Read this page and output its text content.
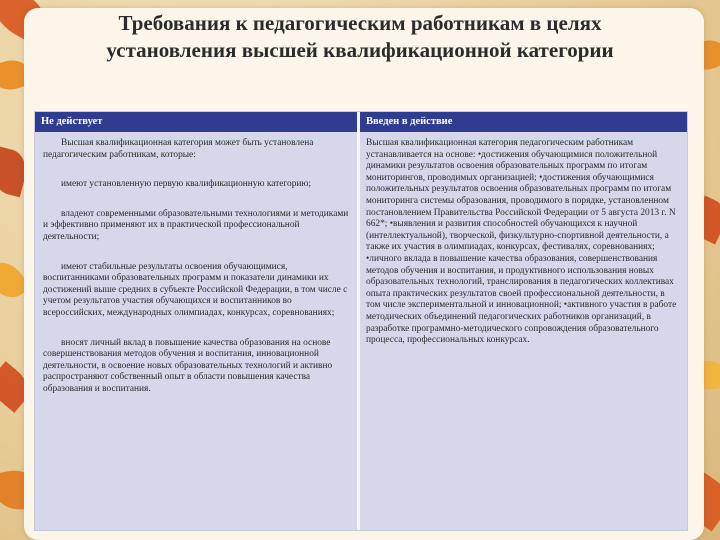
Требования к педагогическим работникам в целях
установления высшей квалификационной категории
Не действует	Введен в действие

Высшая квалификационная категория может быть установлена педагогическим работникам, которые:

имеют установленную первую квалификационную категорию;

владеют современными образовательными технологиями и методиками и эффективно применяют их в практической профессиональной деятельности;

имеют стабильные результаты освоения обучающимися, воспитанниками образовательных программ и показатели динамики их достижений выше средних в субъекте Российской Федерации, в том числе с учетом результатов участия обучающихся и воспитанников во всероссийских, международных олимпиадах, конкурсах, соревнованиях;

вносят личный вклад в повышение качества образования на основе совершенствования методов обучения и воспитания, инновационной деятельности, в освоение новых образовательных технологий и активно распространяют собственный опыт в области повышения качества образования и воспитания.

Высшая квалификационная категория педагогическим работникам устанавливается на основе: •достижения обучающимися положительной динамики результатов освоения образовательных программ по итогам мониторингов, проводимых организацией; •достижения обучающимися положительных результатов освоения образовательных программ по итогам мониторинга системы образования, проводимого в порядке, установленном постановлением Правительства Российской Федерации от 5 августа 2013 г. N 662*; •выявления и развития способностей обучающихся к научной (интеллектуальной), творческой, физкультурно-спортивной деятельности, а также их участия в олимпиадах, конкурсах, фестивалях, соревнованиях; •личного вклада в повышение качества образования, совершенствования методов обучения и воспитания, и продуктивного использования новых образовательных технологий, транслирования в педагогических коллективах опыта практических результатов своей профессиональной деятельности, в том числе экспериментальной и инновационной; •активного участия в работе методических объединений педагогических работников организаций, в разработке программно-методического сопровождения образовательного процесса, профессиональных конкурсах.
